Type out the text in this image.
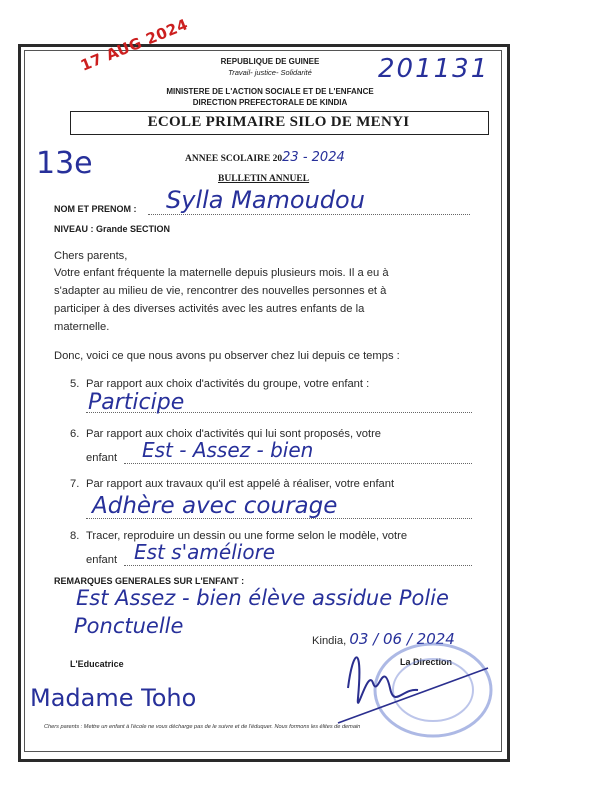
REPUBLIQUE DE GUINEE
Travail- justice- Solidarité
MINISTERE DE L'ACTION SOCIALE ET DE L'ENFANCE
DIRECTION PREFECTORALE DE KINDIA
ECOLE PRIMAIRE SILO DE MENYI
17 AUG 2024	201131
13e	ANNEE SCOLAIRE 2023 - 2024
BULLETIN ANNUEL
NOM ET PRENOM : Sylla Mamoudou
NIVEAU : Grande SECTION
Chers parents,
Votre enfant fréquente la maternelle depuis plusieurs mois. Il a eu à
s'adapter au milieu de vie, rencontrer des nouvelles personnes et à
participer à des diverses activités avec les autres enfants de la
maternelle.
Donc, voici ce que nous avons pu observer chez lui depuis ce temps :
5. Par rapport aux choix d'activités du groupe, votre enfant :
Participe
6. Par rapport aux choix d'activités qui lui sont proposés, votre
enfant Est - Assez - bien
7. Par rapport aux travaux qu'il est appelé à réaliser, votre enfant
Adhère avec courage
8. Tracer, reproduire un dessin ou une forme selon le modèle, votre
enfant Est s'améliore
REMARQUES GENERALES SUR L'ENFANT :
Est Assez - bien élève assidue Polie
Ponctuelle
Kindia, 03 / 06 / 2024
L'Educatrice	La Direction
Madame Toho
Chers parents : Mettre un enfant à l'école ne vous décharge pas de le suivre et de l'éduquer. Nous formons les élites de demain
